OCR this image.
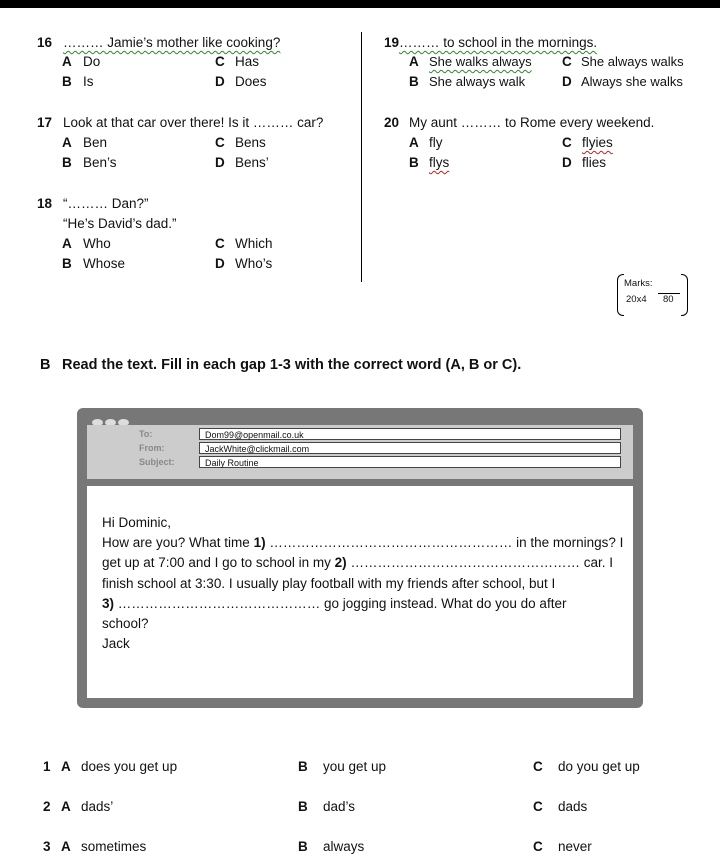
16 ……… Jamie’s mother like cooking?
A Do	C Has
B Is	D Does
17 Look at that car over there! Is it ……… car?
A Ben	C Bens
B Ben’s	D Bens’
18 “……… Dan?”
“He’s David’s dad.”
A Who	C Which
B Whose	D Who’s
19 ……… to school in the mornings.
A She walks always C She always walks
B She always walk	D Always she walks
20 My aunt ……… to Rome every weekend.
A fly	C flyies
B flys	D flies
Marks:
20x4 80
B Read the text. Fill in each gap 1-3 with the correct word (A, B or C).
To:	Dom99@openmail.co.uk
From:	JackWhite@clickmail.com
Subject:	Daily Routine
Hi Dominic,
How are you? What time 1) ……………………………………………… in the mornings? I
get up at 7:00 and I go to school in my 2) …………………………………………… car. I
finish school at 3:30. I usually play football with my friends after school, but I
3) ……………………………………… go jogging instead. What do you do after
school?
Jack
1 A does you get up	B you get up	C do you get up
2 A dads’	B dad’s	C dads
3 A sometimes	B always	C never
